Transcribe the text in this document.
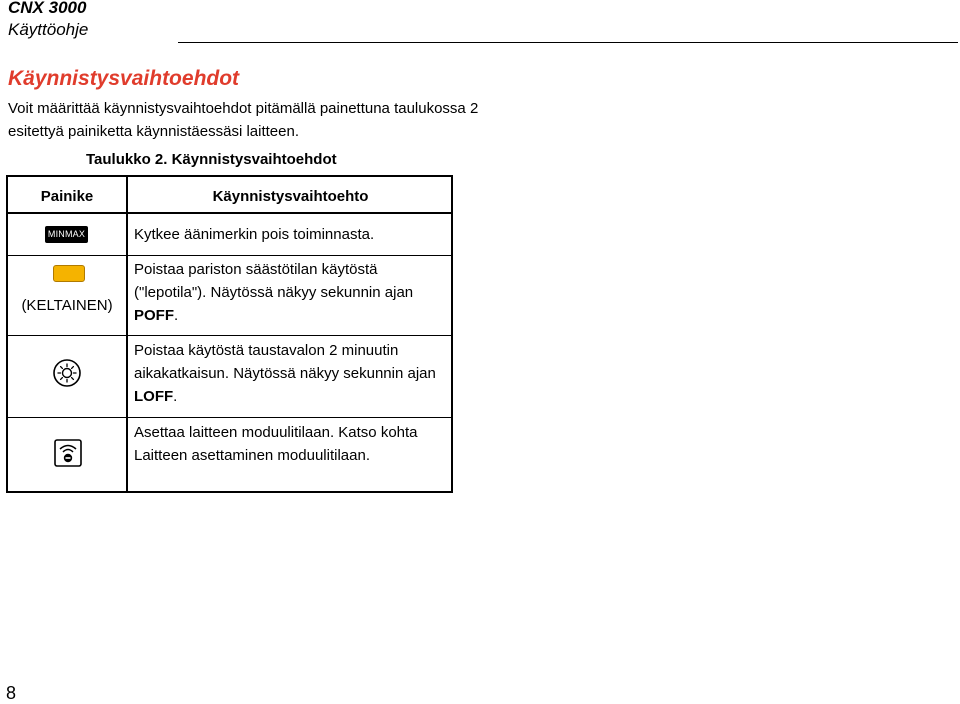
CNX 3000
Käyttöohje
Käynnistysvaihtoehdot
Voit määrittää käynnistysvaihtoehdot pitämällä painettuna taulukossa 2 esitettyä painiketta käynnistäessäsi laitteen.
Taulukko 2. Käynnistysvaihtoehdot
Painike	Käynnistysvaihtoehto
MINMAX	Kytkee äänimerkin pois toiminnasta.
(KELTAINEN)
Poistaa pariston säästötilan käytöstä ("lepotila"). Näytössä näkyy sekunnin ajan POFF.
Poistaa käytöstä taustavalon 2 minuutin aikakatkaisun. Näytössä näkyy sekunnin ajan LOFF.
Asettaa laitteen moduulitilaan. Katso kohta Laitteen asettaminen moduulitilaan.
8
